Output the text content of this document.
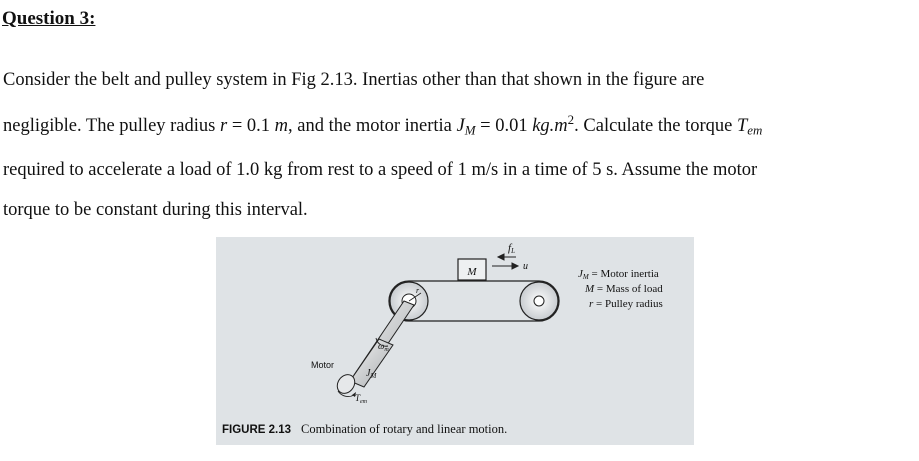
Question 3:

Consider the belt and pulley system in Fig 2.13. Inertias other than that shown in the figure are
negligible. The pulley radius r = 0.1 m, and the motor inertia $J_M = 0.01$ $kg.m^2$. Calculate the torque $T_{em}$
required to accelerate a load of 1.0 kg from rest to a speed of 1 m/s in a time of 5 s. Assume the motor
torque to be constant during this interval.

M
fL
u
r
$\omega_m$
Motor
$J_M$
$T_{em}$
JM = Motor inertia
M = Mass of load
r = Pulley radius
FIGURE 2.13 Combination of rotary and linear motion.
